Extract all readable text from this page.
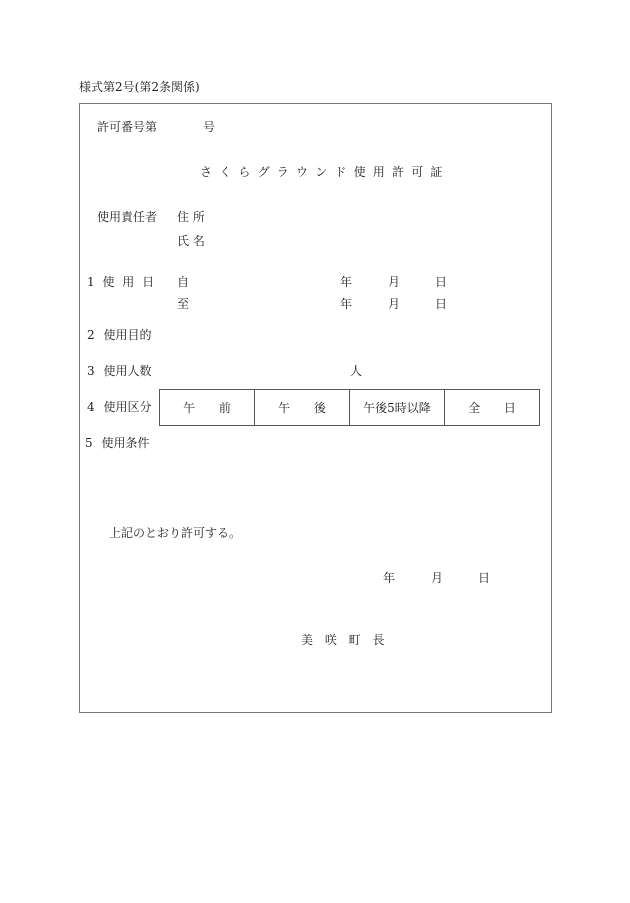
様式第2号(第2条関係)
許可番号第	号
さくらグラウンド使用許可証
使用責任者 住 所
氏 名
1 使 用 日 自	年	月	日
至	年	月	日
2 使用目的
3 使用人数	人
4 使用区分	午 前	午 後	午後5時以降	全 日
5 使用条件
上記のとおり許可する。
年	月	日
美 咲 町 長
